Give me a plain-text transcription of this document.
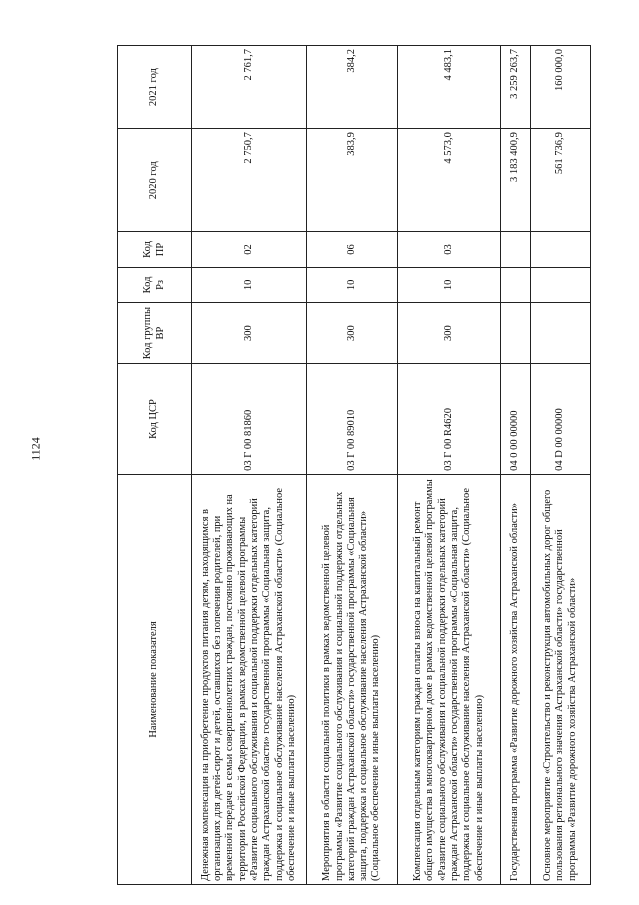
1124
Наименование показателя	Код ЦСР	Код группы ВР	Код Рз	Код ПР	2020 год	2021 год
Денежная компенсация на приобретение продуктов питания детям, находящимся в организациях для детей-сирот и детей, оставшихся без попечения родителей, при временной передаче в семьи совершеннолетних граждан, постоянно проживающих на территории Российской Федерации, в рамках ведомственной целевой программы «Развитие социального обслуживания и социальной поддержки отдельных категорий граждан Астраханской области» государственной программы «Социальная защита, поддержка и социальное обслуживание населения Астраханской области» (Социальное обеспечение и иные выплаты населению)	03 Г 00 81860	300	10	02	2 750,7	2 761,7
Мероприятия в области социальной политики в рамках ведомственной целевой программы «Развитие социального обслуживания и социальной поддержки отдельных категорий граждан Астраханской области» государственной программы «Социальная защита, поддержка и социальное обслуживание населения Астраханской области» (Социальное обеспечение и иные выплаты населению)	03 Г 00 89010	300	10	06	383,9	384,2
Компенсация отдельным категориям граждан оплаты взноса на капитальный ремонт общего имущества в многоквартирном доме в рамках ведомственной целевой программы «Развитие социального обслуживания и социальной поддержки отдельных категорий граждан Астраханской области» государственной программы «Социальная защита, поддержка и социальное обслуживание населения Астраханской области» (Социальное обеспечение и иные выплаты населению)	03 Г 00 R4620	300	10	03	4 573,0	4 483,1
Государственная программа «Развитие дорожного хозяйства Астраханской области»	04 0 00 00000				3 183 400,9	3 259 263,7
Основное мероприятие «Строительство и реконструкция автомобильных дорог общего пользования регионального значения Астраханской области» государственной программы «Развитие дорожного хозяйства Астраханской области»	04 D 00 00000				561 736,9	160 000,0
